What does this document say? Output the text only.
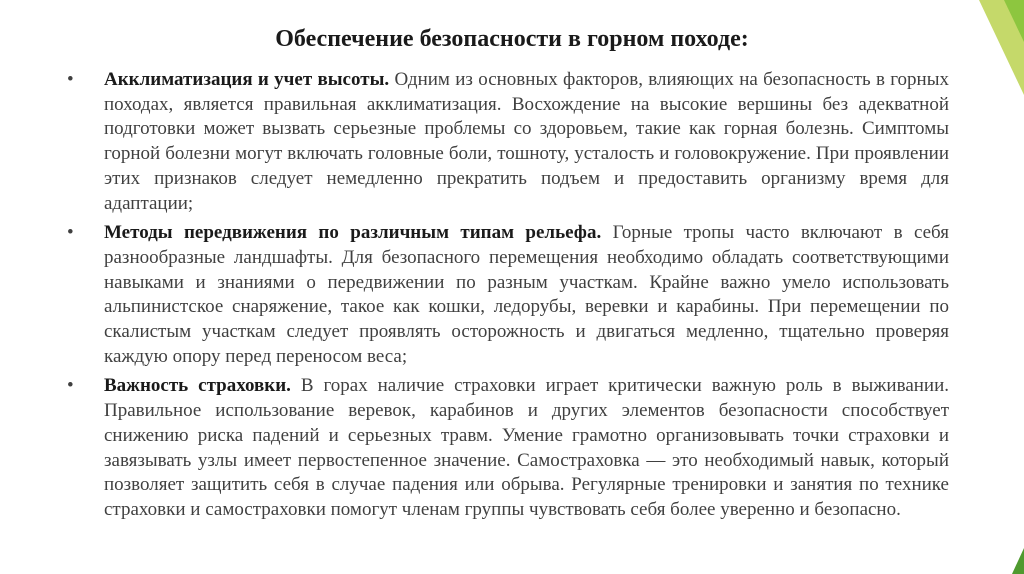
Обеспечение безопасности в горном походе:
• Акклиматизация и учет высоты. Одним из основных факторов, влияющих на безопасность в горных походах, является правильная акклиматизация. Восхождение на высокие вершины без адекватной подготовки может вызвать серьезные проблемы со здоровьем, такие как горная болезнь. Симптомы горной болезни могут включать головные боли, тошноту, усталость и головокружение. При проявлении этих признаков следует немедленно прекратить подъем и предоставить организму время для адаптации;
• Методы передвижения по различным типам рельефа. Горные тропы часто включают в себя разнообразные ландшафты. Для безопасного перемещения необходимо обладать соответствующими навыками и знаниями о передвижении по разным участкам. Крайне важно умело использовать альпинистское снаряжение, такое как кошки, ледорубы, веревки и карабины. При перемещении по скалистым участкам следует проявлять осторожность и двигаться медленно, тщательно проверяя каждую опору перед переносом веса;
• Важность страховки. В горах наличие страховки играет критически важную роль в выживании. Правильное использование веревок, карабинов и других элементов безопасности способствует снижению риска падений и серьезных травм. Умение грамотно организовывать точки страховки и завязывать узлы имеет первостепенное значение. Самостраховка — это необходимый навык, который позволяет защитить себя в случае падения или обрыва. Регулярные тренировки и занятия по технике страховки и самостраховки помогут членам группы чувствовать себя более уверенно и безопасно.
